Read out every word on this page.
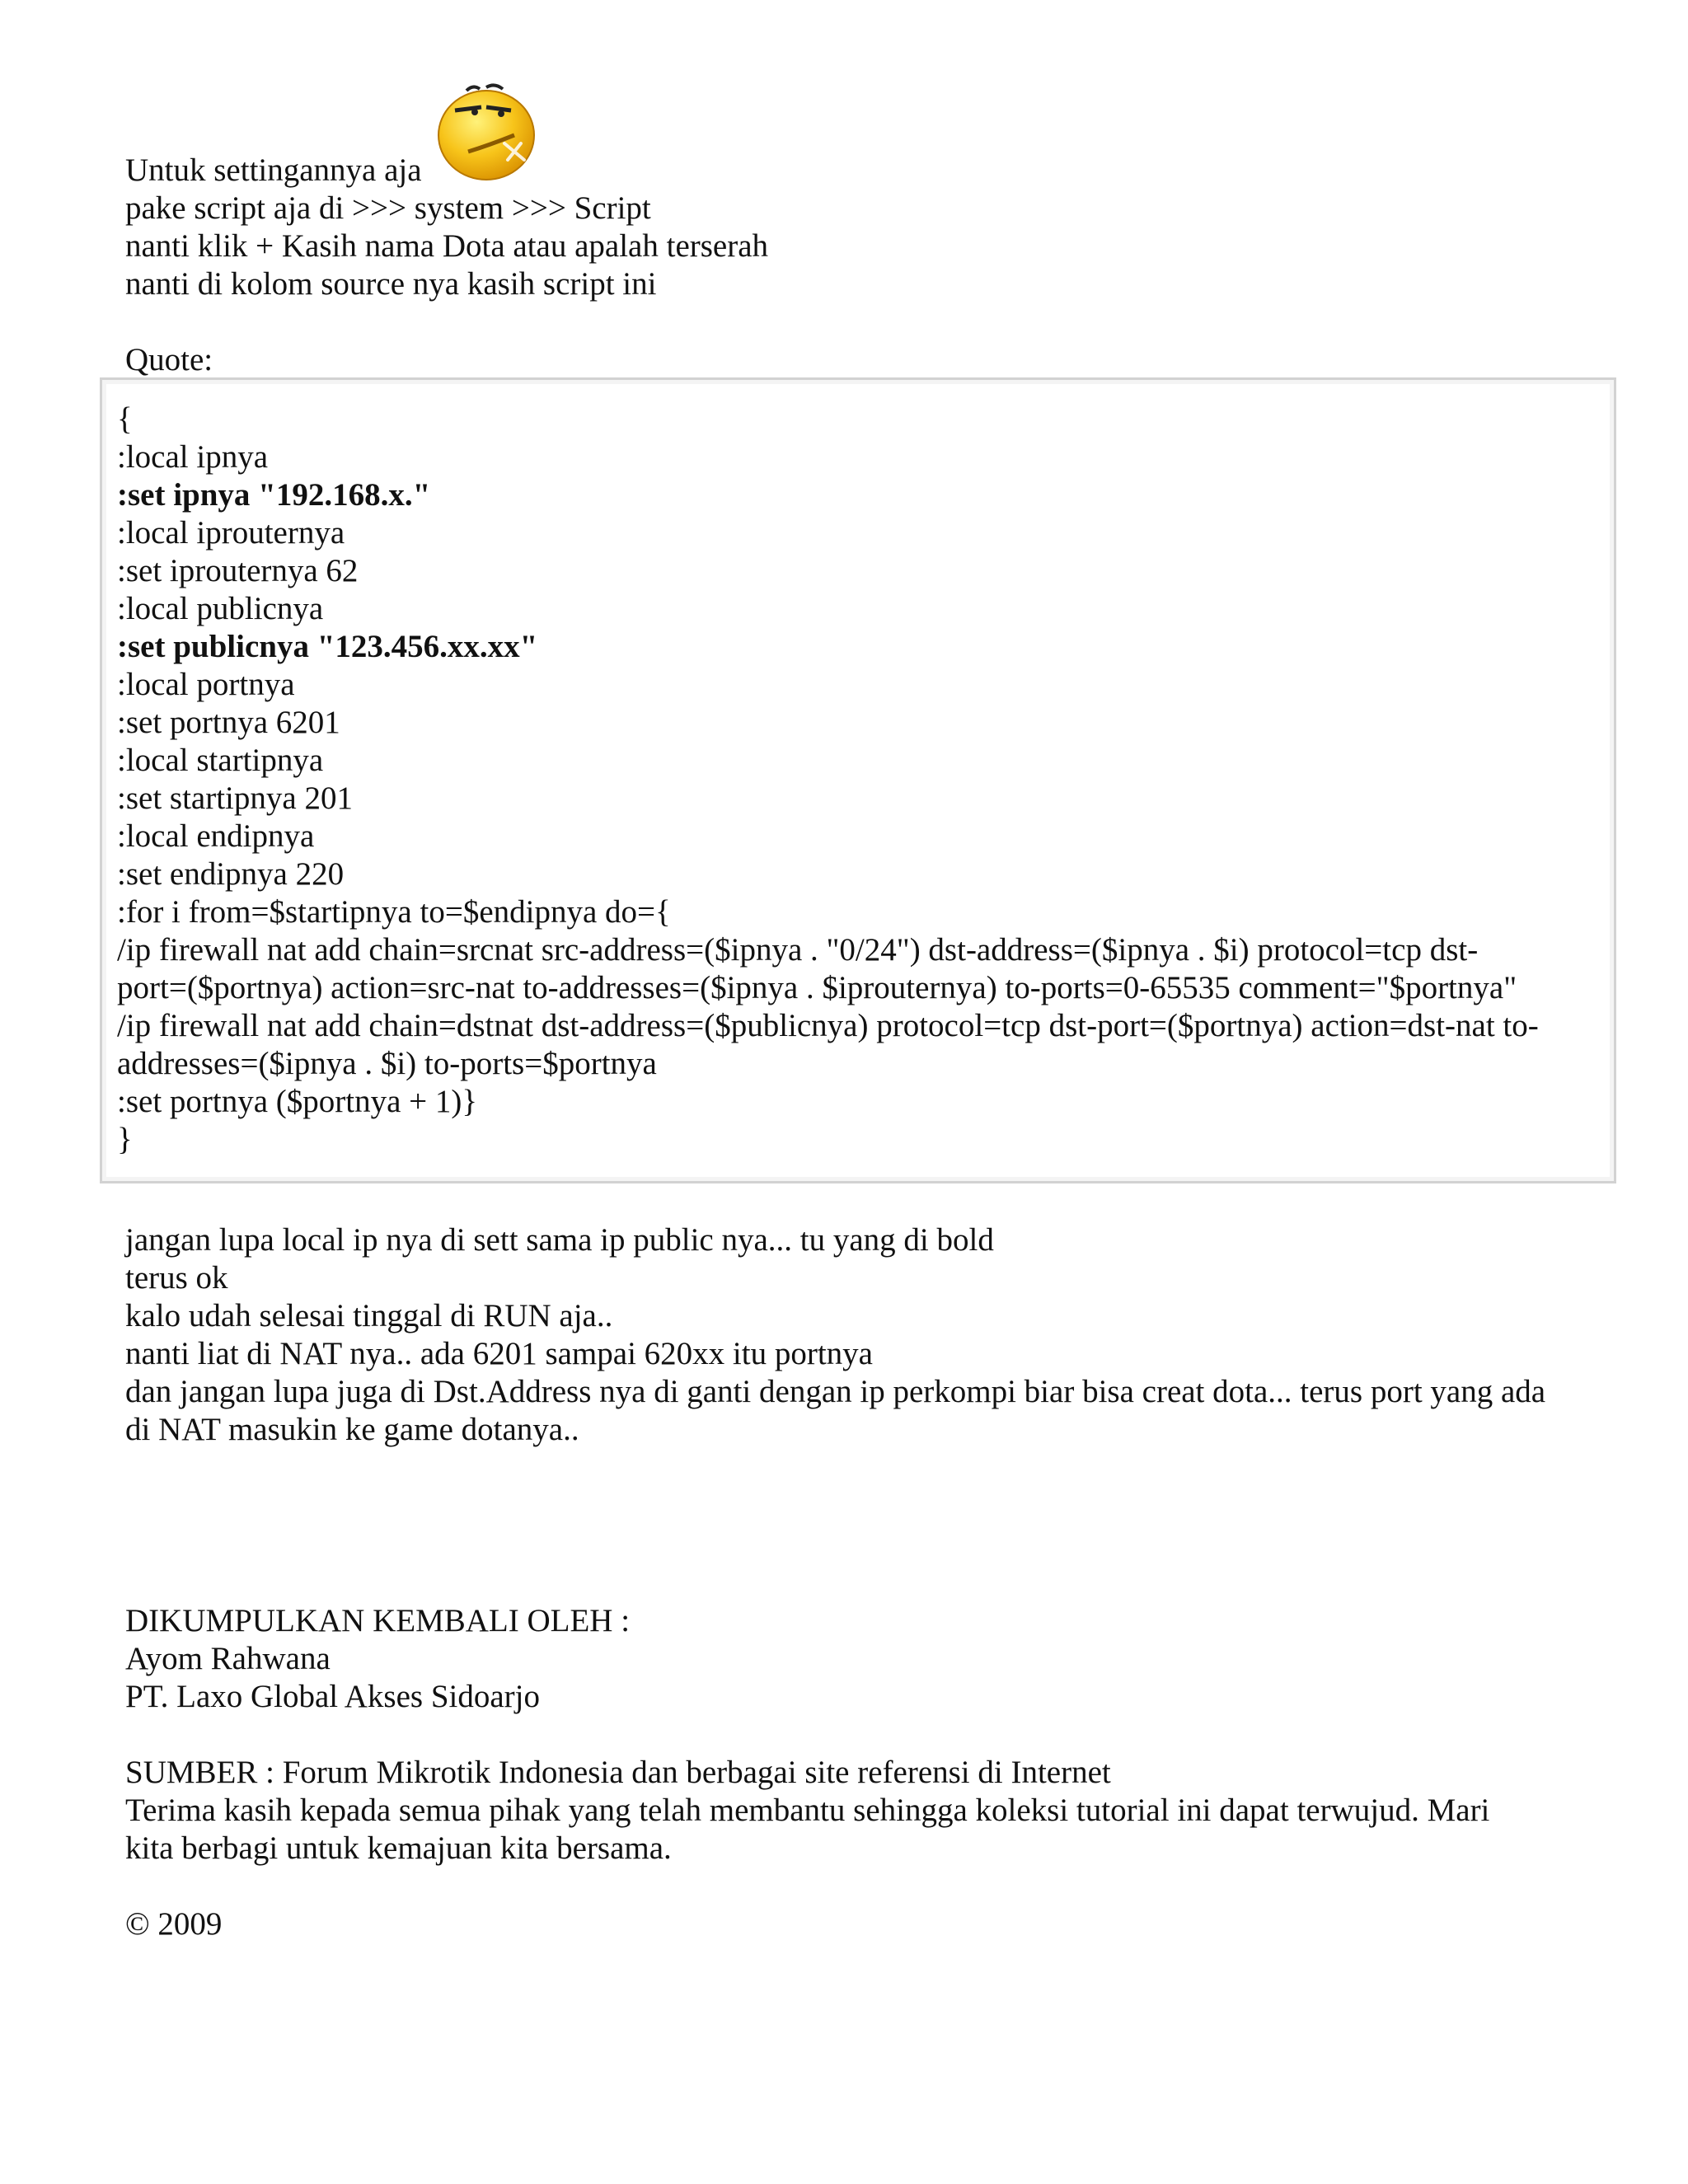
Untuk settingannya aja
pake script aja di >>> system >>> Script
nanti klik + Kasih nama Dota atau apalah terserah
nanti di kolom source nya kasih script ini
Quote:
{
:local ipnya
:set ipnya "192.168.x."
:local iprouternya
:set iprouternya 62
:local publicnya
:set publicnya "123.456.xx.xx"
:local portnya
:set portnya 6201
:local startipnya
:set startipnya 201
:local endipnya
:set endipnya 220
:for i from=$startipnya to=$endipnya do={
/ip firewall nat add chain=srcnat src-address=($ipnya . "0/24") dst-address=($ipnya . $i) protocol=tcp dst-
port=($portnya) action=src-nat to-addresses=($ipnya . $iprouternya) to-ports=0-65535 comment="$portnya"
/ip firewall nat add chain=dstnat dst-address=($publicnya) protocol=tcp dst-port=($portnya) action=dst-nat to-
addresses=($ipnya . $i) to-ports=$portnya
:set portnya ($portnya + 1)}
}
jangan lupa local ip nya di sett sama ip public nya... tu yang di bold
terus ok
kalo udah selesai tinggal di RUN aja..
nanti liat di NAT nya.. ada 6201 sampai 620xx itu portnya
dan jangan lupa juga di Dst.Address nya di ganti dengan ip perkompi biar bisa creat dota... terus port yang ada
di NAT masukin ke game dotanya..
DIKUMPULKAN KEMBALI OLEH :
Ayom Rahwana
PT. Laxo Global Akses Sidoarjo
SUMBER : Forum Mikrotik Indonesia dan berbagai site referensi di Internet
Terima kasih kepada semua pihak yang telah membantu sehingga koleksi tutorial ini dapat terwujud. Mari
kita berbagi untuk kemajuan kita bersama.
© 2009
